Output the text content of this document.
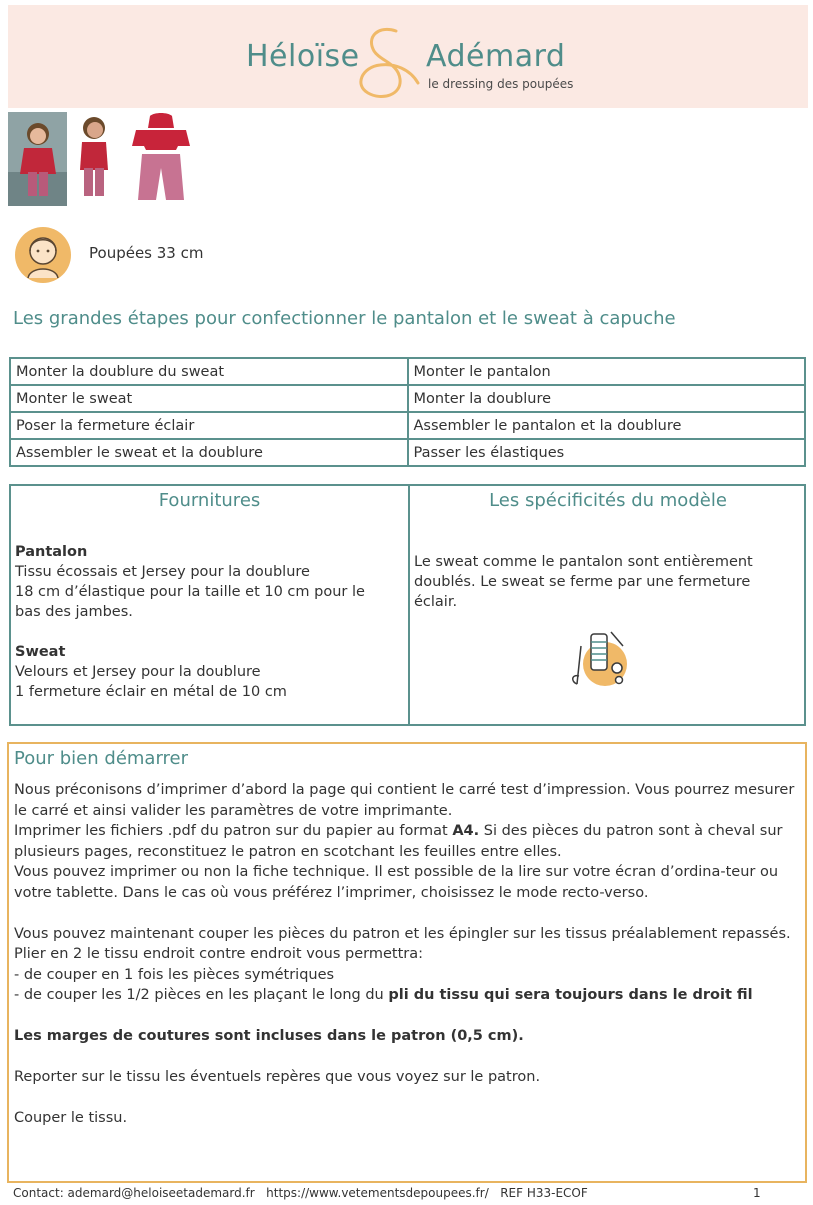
Héloïse Adémard
le dressing des poupées
Poupées 33 cm
Les grandes étapes pour confectionner le pantalon et le sweat à capuche
Monter la doublure du sweat	Monter le pantalon
Monter le sweat	Monter la doublure
Poser la fermeture éclair	Assembler le pantalon et la doublure
Assembler le sweat et la doublure	Passer les élastiques
Fournitures	Les spécificités du modèle
Pantalon
Tissu écossais et Jersey pour la doublure
18 cm d’élastique pour la taille et 10 cm pour le bas des jambes.
Sweat
Velours et Jersey pour la doublure
1 fermeture éclair en métal de 10 cm
Le sweat comme le pantalon sont entièrement doublés. Le sweat se ferme par une fermeture éclair.
Pour bien démarrer

Nous préconisons d’imprimer d’abord la page qui contient le carré test d’impression. Vous pourrez mesurer le carré et ainsi valider les paramètres de votre imprimante.

Imprimer les fichiers .pdf du patron sur du papier au format A4. Si des pièces du patron sont à cheval sur plusieurs pages, reconstituez le patron en scotchant les feuilles entre elles.

Vous pouvez imprimer ou non la fiche technique. Il est possible de la lire sur votre écran d’ordina-teur ou votre tablette. Dans le cas où vous préférez l’imprimer, choisissez le mode recto-verso.

Vous pouvez maintenant couper les pièces du patron et les épingler sur les tissus préalablement repassés.

Plier en 2 le tissu endroit contre endroit vous permettra:

- de couper en 1 fois les pièces symétriques

- de couper les 1/2 pièces en les plaçant le long du pli du tissu qui sera toujours dans le droit fil

Les marges de coutures sont incluses dans le patron (0,5 cm).

Reporter sur le tissu les éventuels repères que vous voyez sur le patron.

Couper le tissu.

Contact: ademard@heloiseetademard.fr   https://www.vetementsdepoupees.fr/   REF H33-ECOF	1
